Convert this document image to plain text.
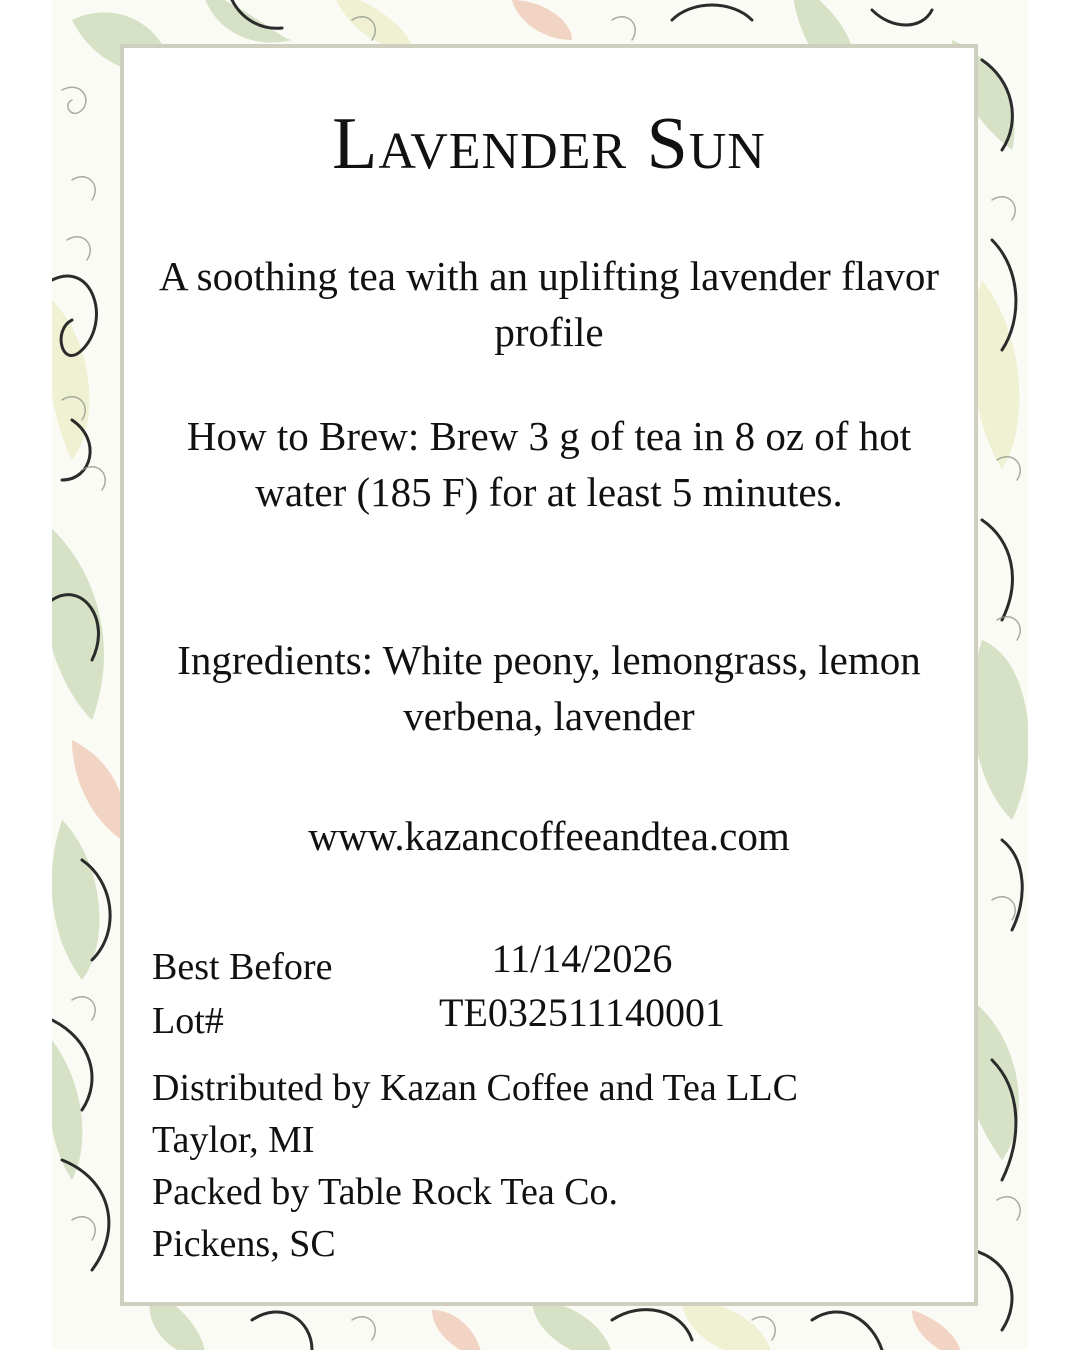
Lavender Sun

A soothing tea with an uplifting lavender flavor profile

How to Brew: Brew 3 g of tea in 8 oz of hot water (185 F) for at least 5 minutes.

Ingredients: White peony, lemongrass, lemon verbena, lavender

www.kazancoffeeandtea.com

Best Before	11/14/2026

Lot#	TE032511140001

Distributed by Kazan Coffee and Tea LLC
Taylor, MI
Packed by Table Rock Tea Co.
Pickens, SC
